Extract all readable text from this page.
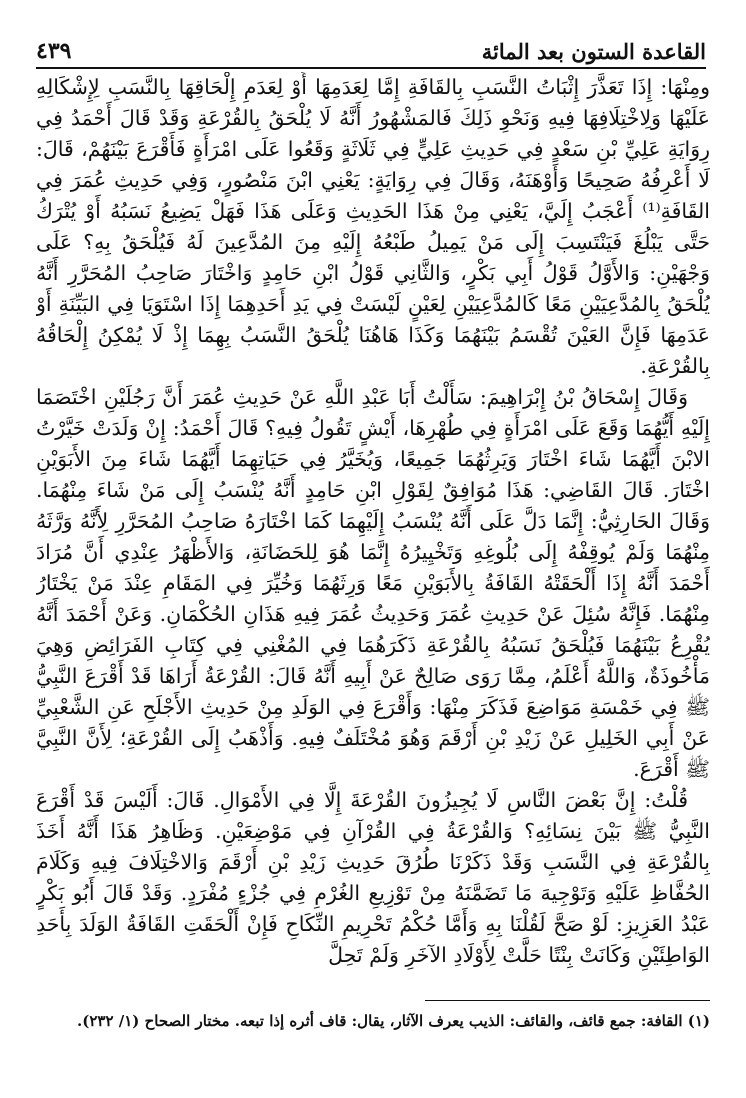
القاعدة الستون بعد المائة
٤٣٩

ومِنْهَا: إِذَا تَعَذَّرَ إِثْبَاتُ النَّسَبِ بِالقَافَةِ إِمَّا لِعَدَمِهَا أَوْ لِعَدَمِ إِلْحَاقِهَا بِالنَّسَبِ لِإِشْكَالِهِ عَلَيْهَا وَلِاخْتِلَافِهَا فِيهِ وَنَحْوِ ذَلِكَ فَالمَشْهُورُ أَنَّهُ لَا يُلْحَقُ بِالقُرْعَةِ وَقَدْ قَالَ أَحْمَدُ فِي رِوَايَةِ عَلِيِّ بْنِ سَعْدٍ فِي حَدِيثِ عَلِيٍّ فِي ثَلَاثَةٍ وَقَعُوا عَلَى امْرَأَةٍ فَأَقْرَعَ بَيْنَهُمْ، قَالَ: لَا أَعْرِفُهُ صَحِيحًا وَأَوْهَنَهُ، وَقَالَ فِي رِوَايَةٍ: يَعْنِي ابْنَ مَنْصُورٍ، وَفِي حَدِيثِ عُمَرَ فِي القَافَةِ⁽¹⁾ أَعْجَبُ إِلَيَّ، يَعْنِي مِنْ هَذَا الحَدِيثِ وَعَلَى هَذَا فَهَلْ يَضِيعُ نَسَبُهُ أَوْ يُتْرَكُ حَتَّى يَبْلُغَ فَيَنْتَسِبَ إِلَى مَنْ يَمِيلُ طَبْعُهُ إِلَيْهِ مِنَ المُدَّعِينَ لَهُ فَيُلْحَقُ بِهِ؟ عَلَى وَجْهَيْنِ: وَالأَوَّلُ قَوْلُ أَبِي بَكْرٍ، وَالثَّانِي قَوْلُ ابْنِ حَامِدٍ وَاخْتَارَ صَاحِبُ المُحَرَّرِ أَنَّهُ يُلْحَقُ بِالمُدَّعِيَيْنِ مَعًا كَالمُدَّعِيَيْنِ لِعَيْنٍ لَيْسَتْ فِي يَدِ أَحَدِهِمَا إِذَا اسْتَوَيَا فِي البَيِّنَةِ أَوْ عَدَمِهَا فَإِنَّ العَيْنَ تُقْسَمُ بَيْنَهُمَا وَكَذَا هَاهُنَا يُلْحَقُ النَّسَبُ بِهِمَا إِذْ لَا يُمْكِنُ إِلْحَاقُهُ بِالقُرْعَةِ.

وَقَالَ إِسْحَاقُ بْنُ إِبْرَاهِيمَ: سَأَلْتُ أَبَا عَبْدِ اللَّهِ عَنْ حَدِيثِ عُمَرَ أَنَّ رَجُلَيْنِ اخْتَصَمَا إِلَيْهِ أَيُّهُمَا وَقَعَ عَلَى امْرَأَةٍ فِي طُهْرِهَا، أَيْشٍ تَقُولُ فِيهِ؟ قَالَ أَحْمَدُ: إِنْ وَلَدَتْ خَيَّرْتُ الابْنَ أَيَّهُمَا شَاءَ اخْتَارَ وَيَرِثُهُمَا جَمِيعًا، وَيُخَيَّرُ فِي حَيَاتِهِمَا أَيَّهُمَا شَاءَ مِنَ الأَبَوَيْنِ اخْتَارَ. قَالَ القَاضِي: هَذَا مُوَافِقٌ لِقَوْلِ ابْنِ حَامِدٍ أَنَّهُ يُنْسَبُ إِلَى مَنْ شَاءَ مِنْهُمَا. وَقَالَ الحَارِثِيُّ: إِنَّمَا دَلَّ عَلَى أَنَّهُ يُنْسَبُ إِلَيْهِمَا كَمَا اخْتَارَهُ صَاحِبُ المُحَرَّرِ لِأَنَّهُ وَرَّثَهُ مِنْهُمَا وَلَمْ يُوقِفْهُ إِلَى بُلُوغِهِ وَتَخْيِيرُهُ إِنَّمَا هُوَ لِلحَضَانَةِ، وَالأَظْهَرُ عِنْدِي أَنَّ مُرَادَ أَحْمَدَ أَنَّهُ إِذَا أَلْحَقَتْهُ القَافَةُ بِالأَبَوَيْنِ مَعًا وَرِثَهُمَا وَخُيِّرَ فِي المَقَامِ عِنْدَ مَنْ يَخْتَارُ مِنْهُمَا. فَإِنَّهُ سُئِلَ عَنْ حَدِيثِ عُمَرَ وَحَدِيثُ عُمَرَ فِيهِ هَذَانِ الحُكْمَانِ. وَعَنْ أَحْمَدَ أَنَّهُ يُقْرِعُ بَيْنَهُمَا فَيُلْحَقُ نَسَبُهُ بِالقُرْعَةِ ذَكَرَهُمَا فِي المُغْنِي فِي كِتَابِ الفَرَائِضِ وَهِيَ مَأْخُوذَةٌ، وَاللَّهُ أَعْلَمُ، مِمَّا رَوَى صَالِحٌ عَنْ أَبِيهِ أَنَّهُ قَالَ: القُرْعَةُ أَرَاهَا قَدْ أَقْرَعَ النَّبِيُّ ﷺ فِي خَمْسَةِ مَوَاضِعَ فَذَكَرَ مِنْهَا: وَأَقْرَعَ فِي الوَلَدِ مِنْ حَدِيثِ الأَجْلَحِ عَنِ الشَّعْبِيِّ عَنْ أَبِي الخَلِيلِ عَنْ زَيْدِ بْنِ أَرْقَمَ وَهُوَ مُخْتَلَفٌ فِيهِ. وَأَذْهَبُ إِلَى القُرْعَةِ؛ لِأَنَّ النَّبِيَّ ﷺ أَقْرَعَ.

قُلْتُ: إِنَّ بَعْضَ النَّاسِ لَا يُجِيزُونَ القُرْعَةَ إِلَّا فِي الأَمْوَالِ. قَالَ: أَلَيْسَ قَدْ أَقْرَعَ النَّبِيُّ ﷺ بَيْنَ نِسَائِهِ؟ وَالقُرْعَةُ فِي القُرْآنِ فِي مَوْضِعَيْنِ. وَظَاهِرُ هَذَا أَنَّهُ أَخَذَ بِالقُرْعَةِ فِي النَّسَبِ وَقَدْ ذَكَرْنَا طُرُقَ حَدِيثِ زَيْدِ بْنِ أَرْقَمَ وَالاخْتِلَافَ فِيهِ وَكَلَامَ الحُفَّاظِ عَلَيْهِ وَتَوْجِيهَ مَا تَضَمَّنَهُ مِنْ تَوْزِيعِ الغُرْمِ فِي جُزْءٍ مُفْرَدٍ. وَقَدْ قَالَ أَبُو بَكْرٍ عَبْدُ العَزِيزِ: لَوْ صَحَّ لَقُلْنَا بِهِ وَأَمَّا حُكْمُ تَحْرِيمِ النِّكَاحِ فَإِنْ أَلْحَقَتِ القَافَةُ الوَلَدَ بِأَحَدِ الوَاطِئَيْنِ وَكَانَتْ بِنْتًا حَلَّتْ لِأَوْلَادِ الآخَرِ وَلَمْ تَحِلَّ

(١) القافة: جمع قائف، والقائف: الذيب يعرف الآثار، يقال: قاف أثره إذا تبعه. مختار الصحاح (١/ ٢٣٢).
